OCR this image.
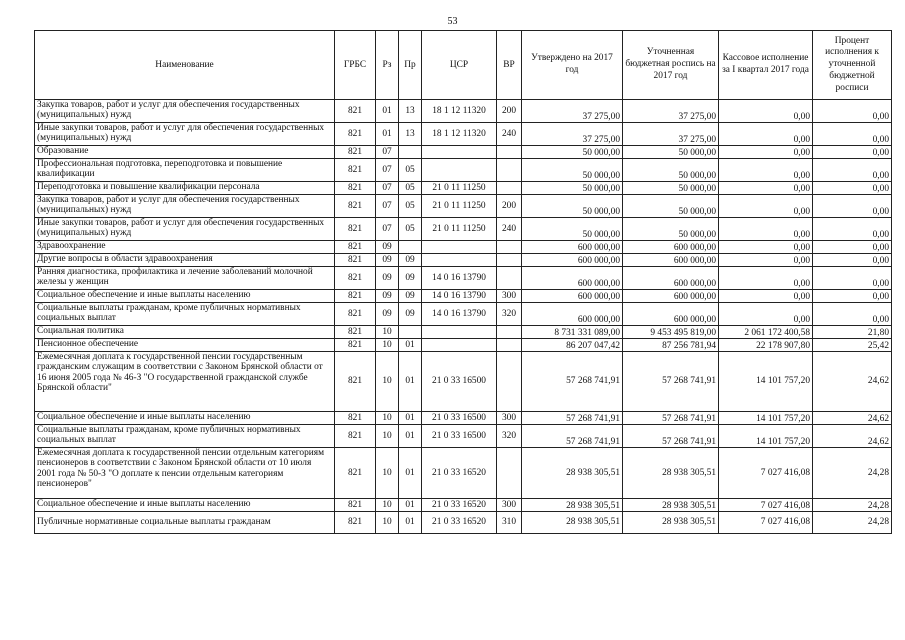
53
Наименование	ГРБС	Рз	Пр	ЦСР	ВР	Утверждено на 2017 год	Уточненная бюджетная роспись на 2017 год	Кассовое исполнение за I квартал 2017 года	Процент исполнения к уточненной бюджетной росписи
Закупка товаров, работ и услуг для обеспечения государственных (муниципальных) нужд	821	01	13	18 1 12 11320	200	37 275,00	37 275,00	0,00	0,00
Иные закупки товаров, работ и услуг для обеспечения государственных (муниципальных) нужд	821	01	13	18 1 12 11320	240	37 275,00	37 275,00	0,00	0,00
Образование	821	07				50 000,00	50 000,00	0,00	0,00
Профессиональная подготовка, переподготовка и повышение квалификации	821	07	05			50 000,00	50 000,00	0,00	0,00
Переподготовка и повышение квалификации персонала	821	07	05	21 0 11 11250		50 000,00	50 000,00	0,00	0,00
Закупка товаров, работ и услуг для обеспечения государственных (муниципальных) нужд	821	07	05	21 0 11 11250	200	50 000,00	50 000,00	0,00	0,00
Иные закупки товаров, работ и услуг для обеспечения государственных (муниципальных) нужд	821	07	05	21 0 11 11250	240	50 000,00	50 000,00	0,00	0,00
Здравоохранение	821	09				600 000,00	600 000,00	0,00	0,00
Другие вопросы в области здравоохранения	821	09	09			600 000,00	600 000,00	0,00	0,00
Ранняя диагностика, профилактика и лечение заболеваний молочной железы у женщин	821	09	09	14 0 16 13790		600 000,00	600 000,00	0,00	0,00
Социальное обеспечение и иные выплаты населению	821	09	09	14 0 16 13790	300	600 000,00	600 000,00	0,00	0,00
Социальные выплаты гражданам, кроме публичных нормативных социальных выплат	821	09	09	14 0 16 13790	320	600 000,00	600 000,00	0,00	0,00
Социальная политика	821	10				8 731 331 089,00	9 453 495 819,00	2 061 172 400,58	21,80
Пенсионное обеспечение	821	10	01			86 207 047,42	87 256 781,94	22 178 907,80	25,42
Ежемесячная доплата к государственной пенсии государственным гражданским служащим в соответствии с Законом Брянской области от 16 июня 2005 года № 46-З "О государственной гражданской службе Брянской области"	821	10	01	21 0 33 16500		57 268 741,91	57 268 741,91	14 101 757,20	24,62
Социальное обеспечение и иные выплаты населению	821	10	01	21 0 33 16500	300	57 268 741,91	57 268 741,91	14 101 757,20	24,62
Социальные выплаты гражданам, кроме публичных нормативных социальных выплат	821	10	01	21 0 33 16500	320	57 268 741,91	57 268 741,91	14 101 757,20	24,62
Ежемесячная доплата к государственной пенсии отдельным категориям пенсионеров в соответствии с Законом Брянской области от 10 июля 2001 года № 50-З "О доплате к пенсии отдельным категориям пенсионеров"	821	10	01	21 0 33 16520		28 938 305,51	28 938 305,51	7 027 416,08	24,28
Социальное обеспечение и иные выплаты населению	821	10	01	21 0 33 16520	300	28 938 305,51	28 938 305,51	7 027 416,08	24,28
Публичные нормативные социальные выплаты гражданам	821	10	01	21 0 33 16520	310	28 938 305,51	28 938 305,51	7 027 416,08	24,28
